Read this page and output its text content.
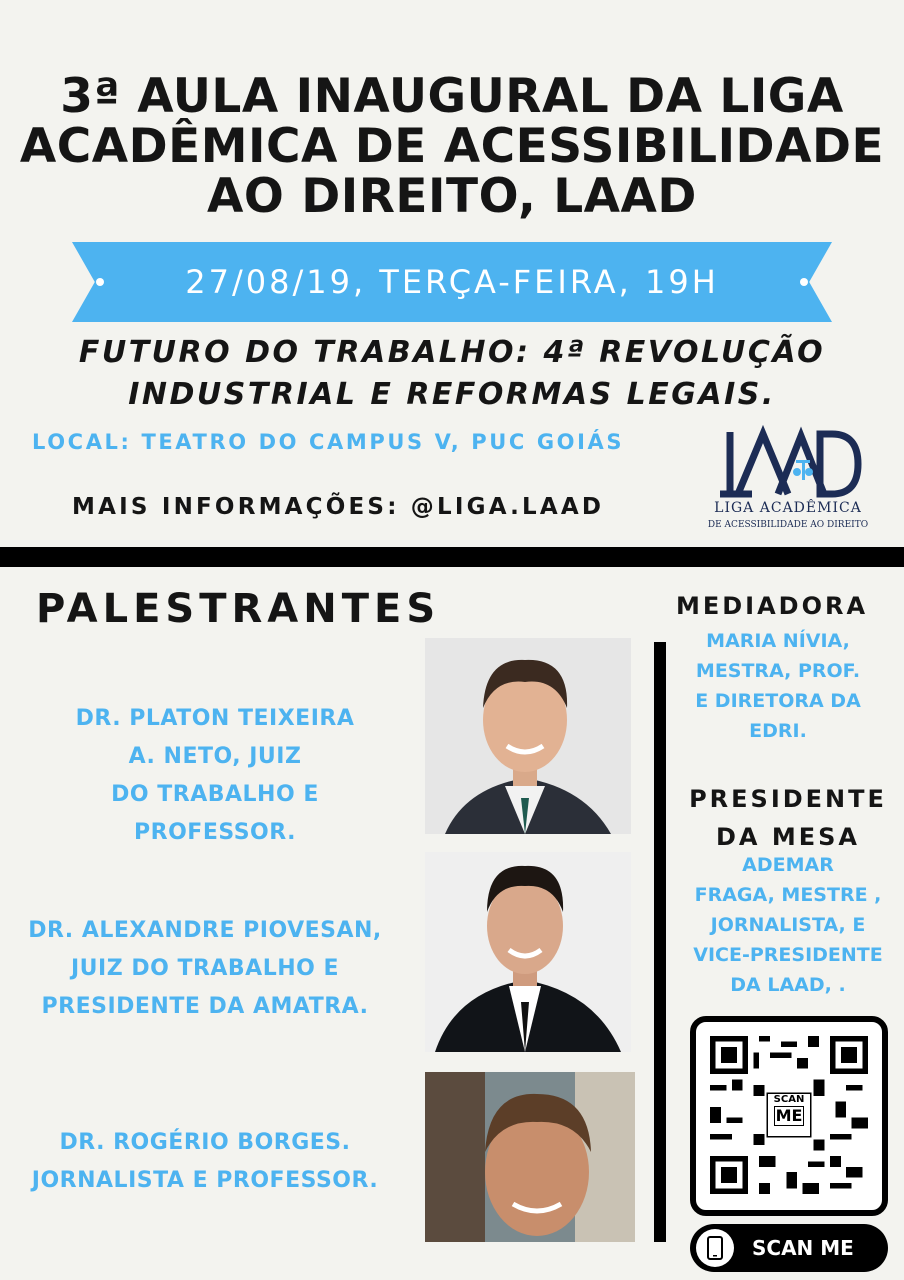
3ª AULA INAUGURAL DA LIGA
ACADÊMICA DE ACESSIBILIDADE
AO DIREITO, LAAD
27/08/19, TERÇA-FEIRA, 19H
FUTURO DO TRABALHO: 4ª REVOLUÇÃO
INDUSTRIAL E REFORMAS LEGAIS.
LOCAL: TEATRO DO CAMPUS V, PUC GOIÁS
MAIS INFORMAÇÕES: @LIGA.LAAD	LIGA ACADÊMICA
DE ACESSIBILIDADE AO DIREITO
PALESTRANTES
DR. PLATON TEIXEIRA
A. NETO, JUIZ
DO TRABALHO E
PROFESSOR.
DR. ALEXANDRE PIOVESAN,
JUIZ DO TRABALHO E
PRESIDENTE DA AMATRA.
DR. ROGÉRIO BORGES.
JORNALISTA E PROFESSOR.
MEDIADORA
MARIA NÍVIA,
MESTRA, PROF.
E DIRETORA DA
EDRI.
PRESIDENTE
DA MESA
ADEMAR
FRAGA, MESTRE ,
JORNALISTA, E
VICE-PRESIDENTE
DA LAAD, .
SCAN
ME
SCAN ME
